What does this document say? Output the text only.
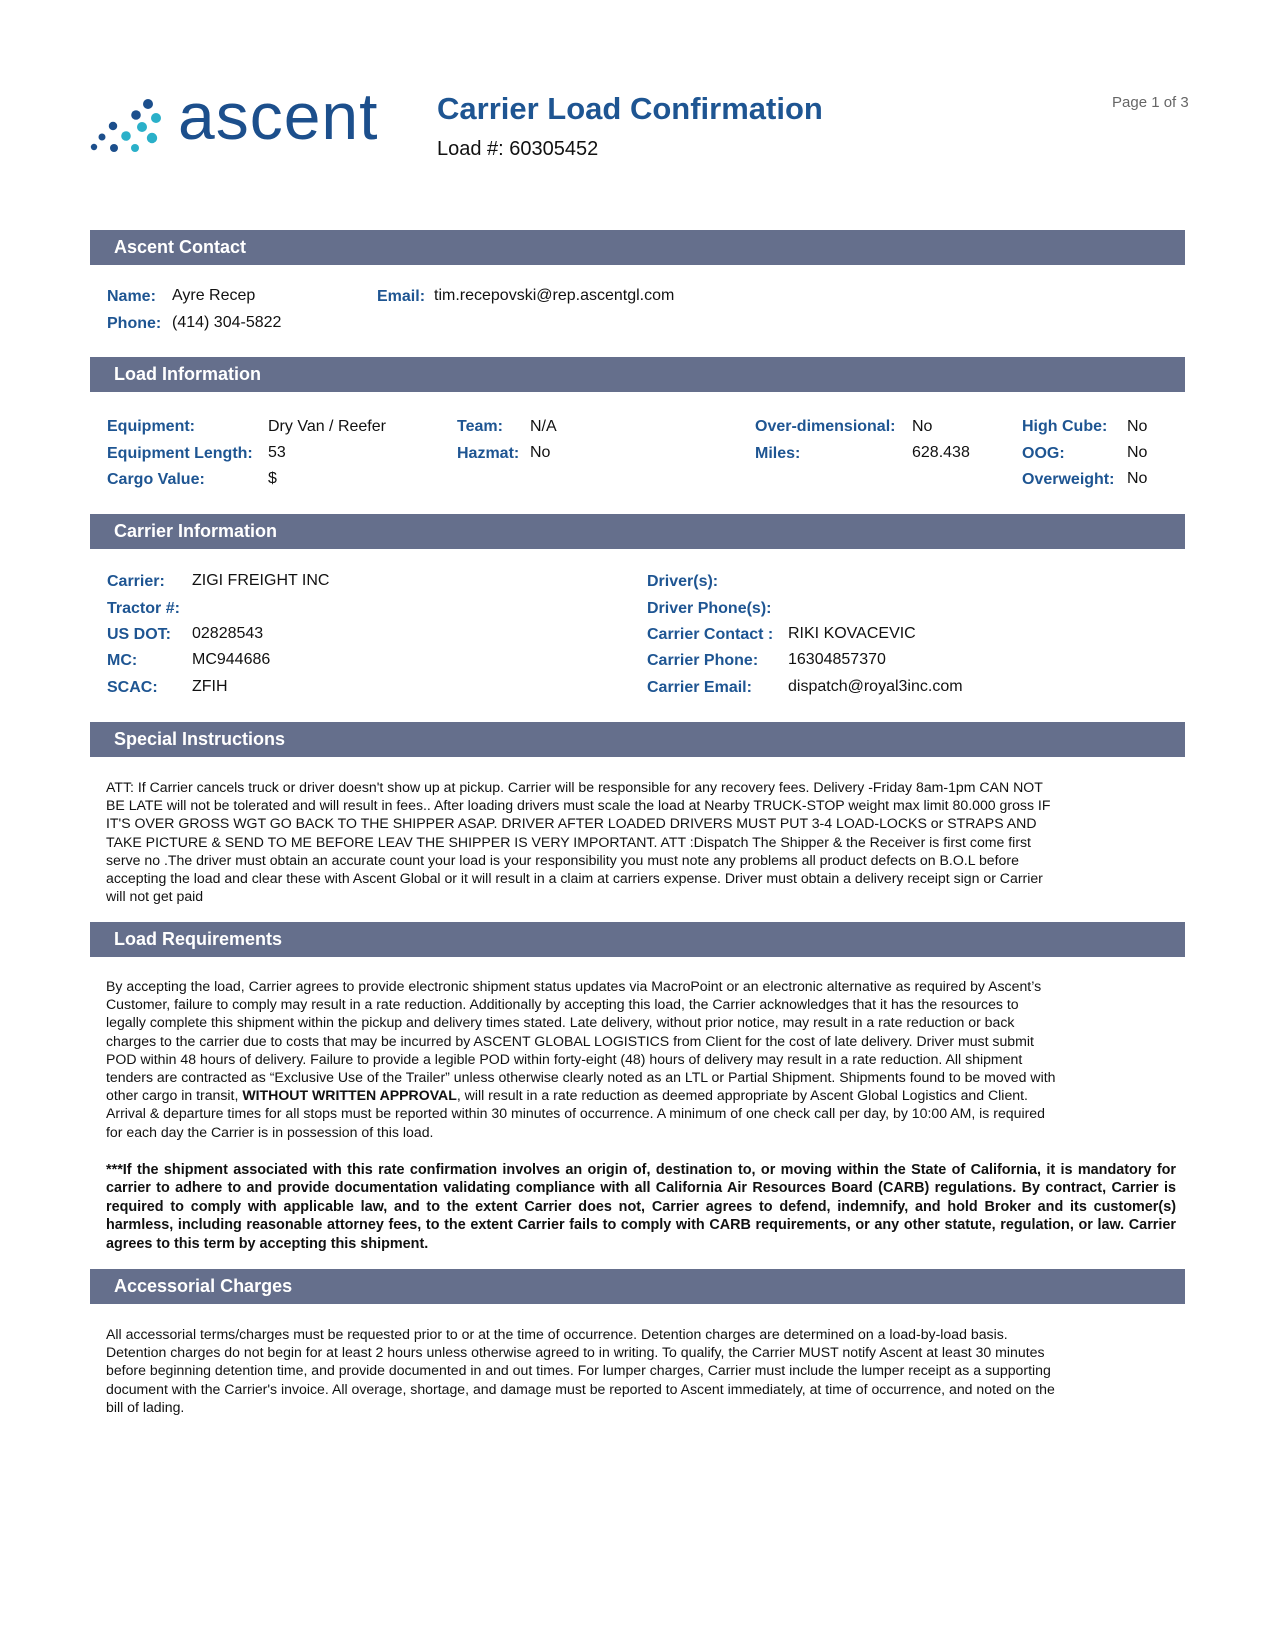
ascent Carrier Load Confirmation
Load #: 60305452
Page 1 of 3
Ascent Contact
Name: Ayre Recep
Phone: (414) 304-5822
Email: tim.recepovski@rep.ascentgl.com
Load Information
Equipment:	Dry Van / Reefer
Equipment Length: 53
Cargo Value:	$
Team: N/A
Hazmat: No
Over-dimensional: No
Miles:	628.438
High Cube: No
OOG:	No
Overweight: No
Carrier Information
Carrier: ZIGI FREIGHT INC
Tractor #:
US DOT: 02828543
MC:	MC944686
SCAC: ZFIH
Driver(s):
Driver Phone(s):
Carrier Contact : RIKI KOVACEVIC
Carrier Phone: 16304857370
Carrier Email: dispatch@royal3inc.com
Special Instructions
ATT: If Carrier cancels truck or driver doesn't show up at pickup. Carrier will be responsible for any recovery fees. Delivery -Friday 8am-1pm CAN NOT
BE LATE will not be tolerated and will result in fees.. After loading drivers must scale the load at Nearby TRUCK-STOP weight max limit 80.000 gross IF
IT'S OVER GROSS WGT GO BACK TO THE SHIPPER ASAP. DRIVER AFTER LOADED DRIVERS MUST PUT 3-4 LOAD-LOCKS or STRAPS AND
TAKE PICTURE & SEND TO ME BEFORE LEAV THE SHIPPER IS VERY IMPORTANT. ATT :Dispatch The Shipper & the Receiver is first come first
serve no .The driver must obtain an accurate count your load is your responsibility you must note any problems all product defects on B.O.L before
accepting the load and clear these with Ascent Global or it will result in a claim at carriers expense. Driver must obtain a delivery receipt sign or Carrier
will not get paid
Load Requirements
By accepting the load, Carrier agrees to provide electronic shipment status updates via MacroPoint or an electronic alternative as required by Ascent’s
Customer, failure to comply may result in a rate reduction. Additionally by accepting this load, the Carrier acknowledges that it has the resources to
legally complete this shipment within the pickup and delivery times stated. Late delivery, without prior notice, may result in a rate reduction or back
charges to the carrier due to costs that may be incurred by ASCENT GLOBAL LOGISTICS from Client for the cost of late delivery. Driver must submit
POD within 48 hours of delivery. Failure to provide a legible POD within forty-eight (48) hours of delivery may result in a rate reduction. All shipment
tenders are contracted as “Exclusive Use of the Trailer” unless otherwise clearly noted as an LTL or Partial Shipment. Shipments found to be moved with
other cargo in transit, WITHOUT WRITTEN APPROVAL, will result in a rate reduction as deemed appropriate by Ascent Global Logistics and Client.
Arrival & departure times for all stops must be reported within 30 minutes of occurrence. A minimum of one check call per day, by 10:00 AM, is required
for each day the Carrier is in possession of this load.
***If the shipment associated with this rate confirmation involves an origin of, destination to, or moving within the State of California, it is mandatory for carrier to adhere to and provide documentation validating compliance with all California Air Resources Board (CARB) regulations. By contract, Carrier is required to comply with applicable law, and to the extent Carrier does not, Carrier agrees to defend, indemnify, and hold Broker and its customer(s) harmless, including reasonable attorney fees, to the extent Carrier fails to comply with CARB requirements, or any other statute, regulation, or law. Carrier agrees to this term by accepting this shipment.
Accessorial Charges
All accessorial terms/charges must be requested prior to or at the time of occurrence. Detention charges are determined on a load-by-load basis.
Detention charges do not begin for at least 2 hours unless otherwise agreed to in writing. To qualify, the Carrier MUST notify Ascent at least 30 minutes
before beginning detention time, and provide documented in and out times. For lumper charges, Carrier must include the lumper receipt as a supporting
document with the Carrier's invoice. All overage, shortage, and damage must be reported to Ascent immediately, at time of occurrence, and noted on the
bill of lading.
